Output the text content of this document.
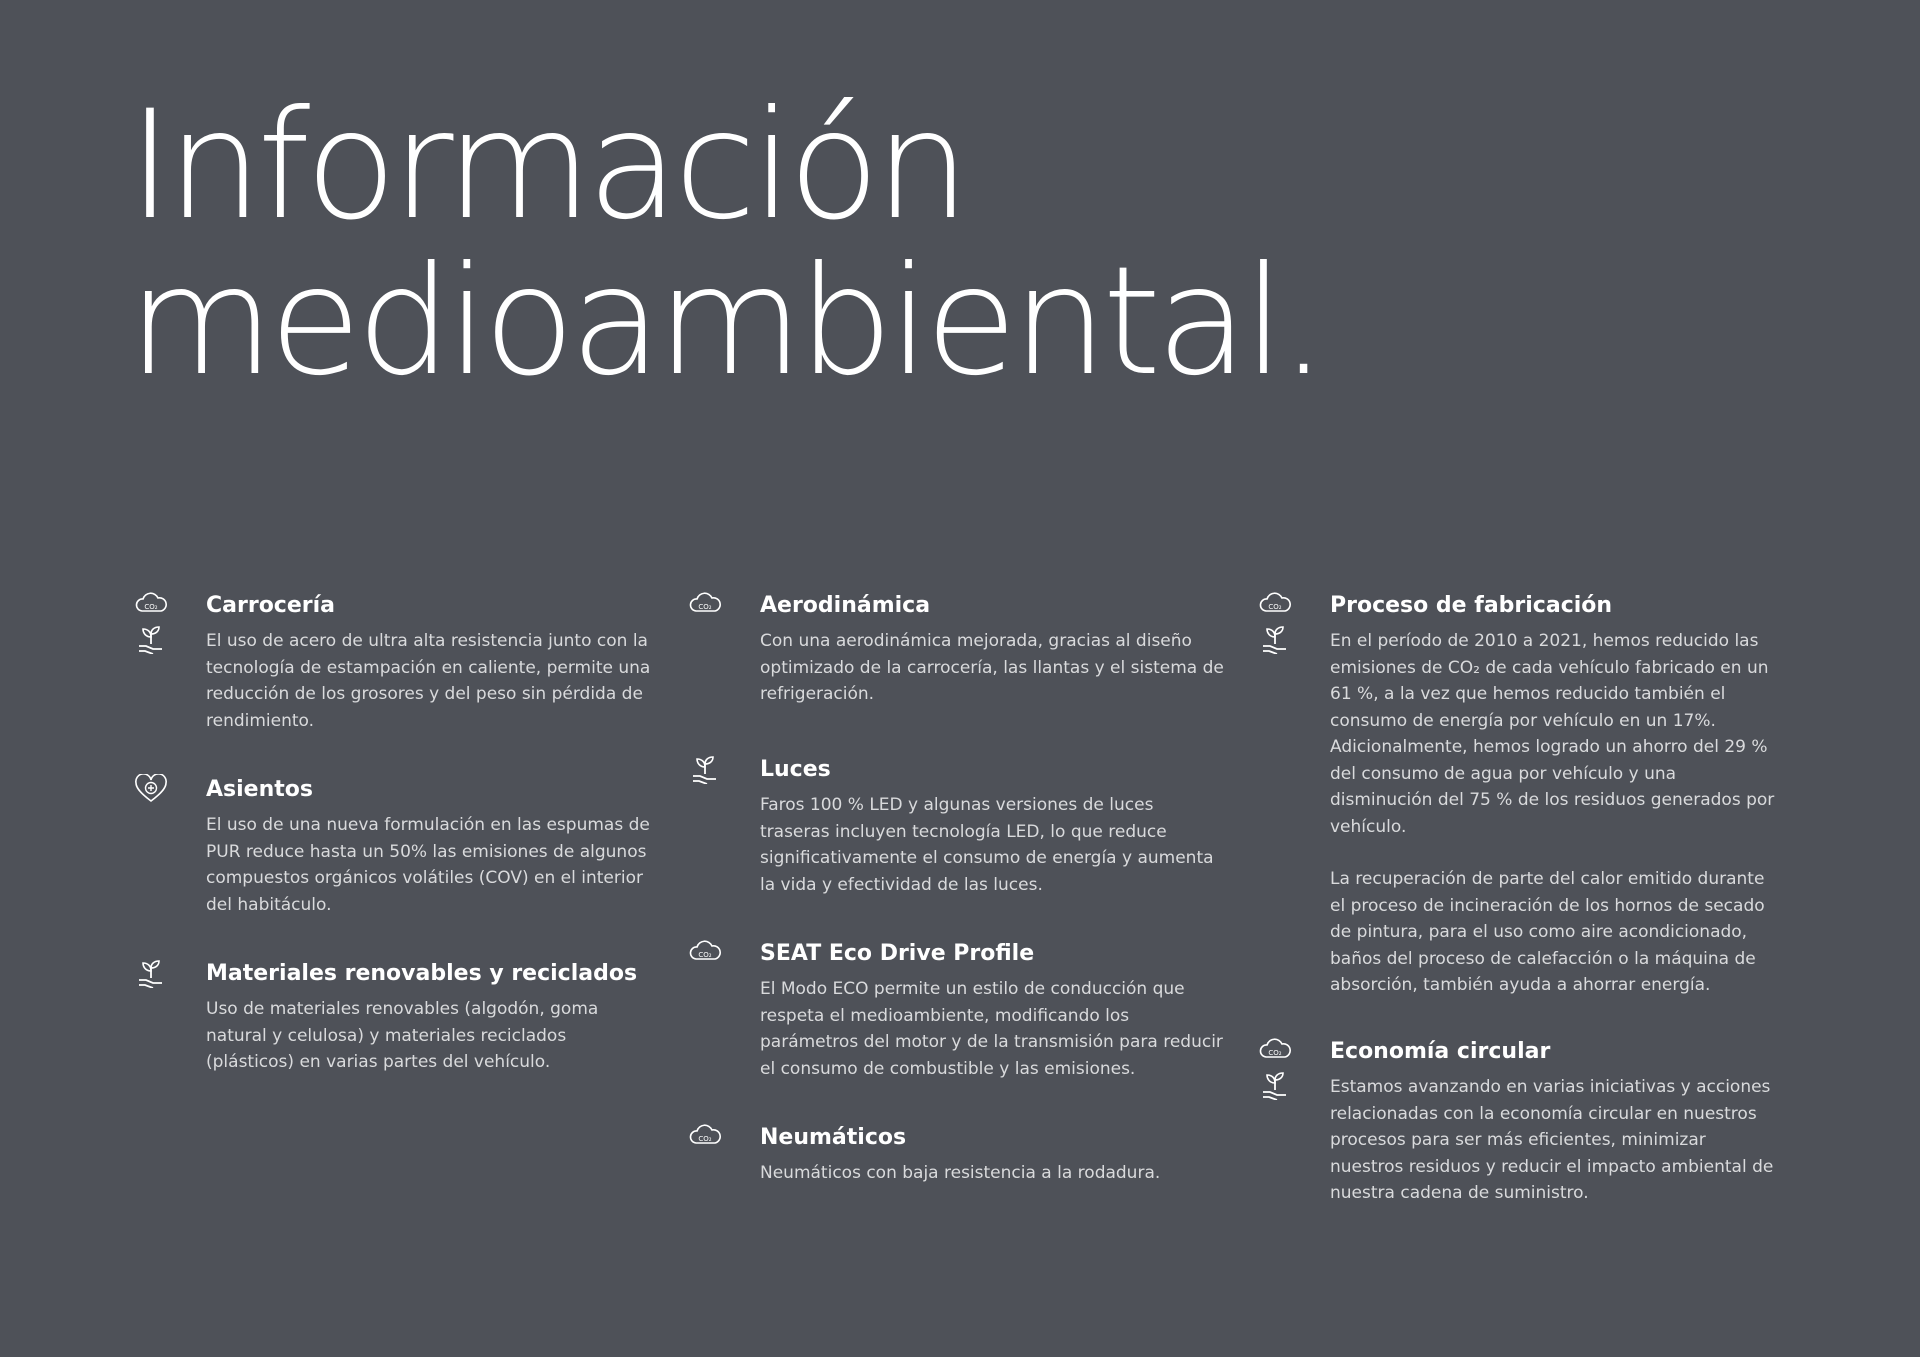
Información
medioambiental.
CO₂ Carrocería

El uso de acero de ultra alta resistencia junto con la tecnología de estampación en caliente, permite una reducción de los grosores y del peso sin pérdida de rendimiento.

Asientos

El uso de una nueva formulación en las espumas de PUR reduce hasta un 50% las emisiones de algunos compuestos orgánicos volátiles (COV) en el interior del habitáculo.

Materiales renovables y reciclados

Uso de materiales renovables (algodón, goma natural y celulosa) y materiales reciclados (plásticos) en varias partes del vehículo.

CO₂ Aerodinámica

Con una aerodinámica mejorada, gracias al diseño optimizado de la carrocería, las llantas y el sistema de refrigeración.

Luces

Faros 100 % LED y algunas versiones de luces traseras incluyen tecnología LED, lo que reduce significativamente el consumo de energía y aumenta la vida y efectividad de las luces.

CO₂ SEAT Eco Drive Profile

El Modo ECO permite un estilo de conducción que respeta el medioambiente, modificando los parámetros del motor y de la transmisión para reducir el consumo de combustible y las emisiones.

CO₂ Neumáticos

Neumáticos con baja resistencia a la rodadura.

CO₂ Proceso de fabricación

En el período de 2010 a 2021, hemos reducido las emisiones de CO₂ de cada vehículo fabricado en un 61 %, a la vez que hemos reducido también el consumo de energía por vehículo en un 17%. Adicionalmente, hemos logrado un ahorro del 29 % del consumo de agua por vehículo y una disminución del 75 % de los residuos generados por vehículo.

La recuperación de parte del calor emitido durante el proceso de incineración de los hornos de secado de pintura, para el uso como aire acondicionado, baños del proceso de calefacción o la máquina de absorción, también ayuda a ahorrar energía.

CO₂ Economía circular

Estamos avanzando en varias iniciativas y acciones relacionadas con la economía circular en nuestros procesos para ser más eficientes, minimizar nuestros residuos y reducir el impacto ambiental de nuestra cadena de suministro.
